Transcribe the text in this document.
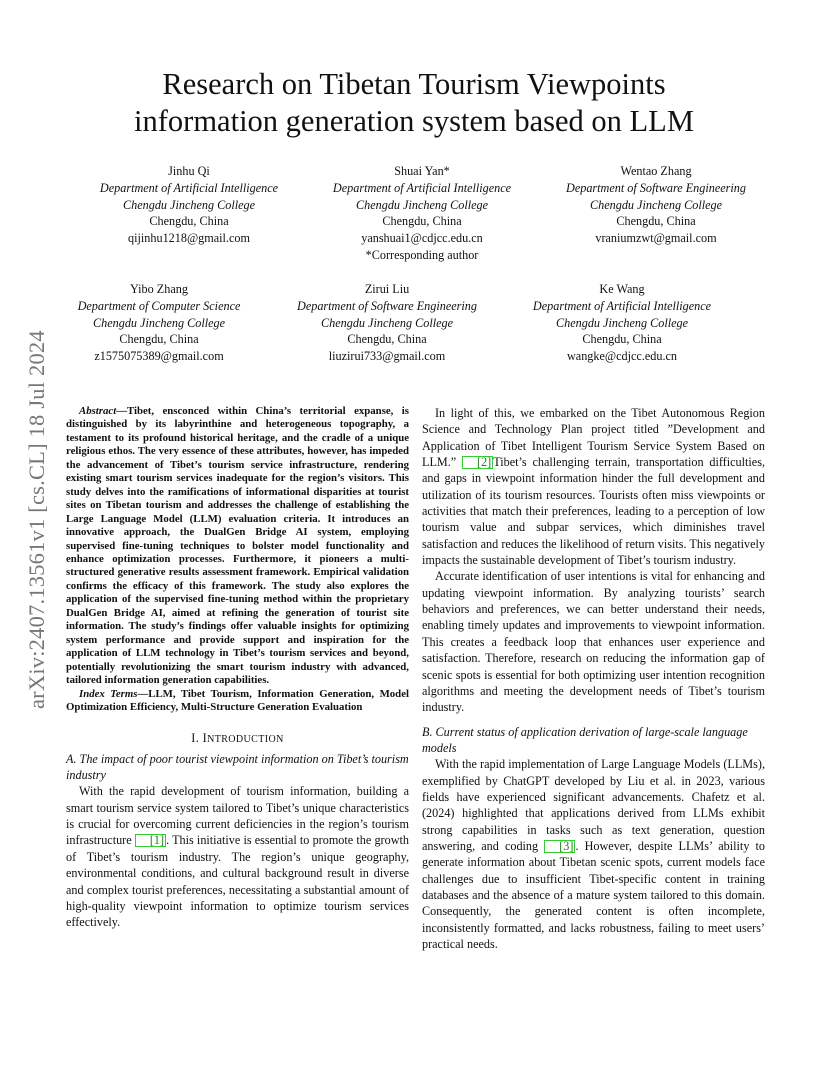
arXiv:2407.13561v1 [cs.CL] 18 Jul 2024
Research on Tibetan Tourism Viewpoints
information generation system based on LLM
Jinhu Qi
Department of Artificial Intelligence
Chengdu Jincheng College
Chengdu, China
qijinhu1218@gmail.com
Shuai Yan*
Department of Artificial Intelligence
Chengdu Jincheng College
Chengdu, China
yanshuai1@cdjcc.edu.cn
*Corresponding author
Wentao Zhang
Department of Software Engineering
Chengdu Jincheng College
Chengdu, China
vraniumzwt@gmail.com
Yibo Zhang
Department of Computer Science
Chengdu Jincheng College
Chengdu, China
z1575075389@gmail.com
Zirui Liu
Department of Software Engineering
Chengdu Jincheng College
Chengdu, China
liuzirui733@gmail.com
Ke Wang
Department of Artificial Intelligence
Chengdu Jincheng College
Chengdu, China
wangke@cdjcc.edu.cn

Abstract—Tibet, ensconced within China’s territorial expanse, is distinguished by its labyrinthine and heterogeneous topography, a testament to its profound historical heritage, and the cradle of a unique religious ethos. The very essence of these attributes, however, has impeded the advancement of Tibet’s tourism service infrastructure, rendering existing smart tourism services inadequate for the region’s visitors. This study delves into the ramifications of informational disparities at tourist sites on Tibetan tourism and addresses the challenge of establishing the Large Language Model (LLM) evaluation criteria. It introduces an innovative approach, the DualGen Bridge AI system, employing supervised fine-tuning techniques to bolster model functionality and enhance optimization processes. Furthermore, it pioneers a multi-structured generative results assessment framework. Empirical validation confirms the efficacy of this framework. The study also explores the application of the supervised fine-tuning method within the proprietary DualGen Bridge AI, aimed at refining the generation of tourist site information. The study’s findings offer valuable insights for optimizing system performance and provide support and inspiration for the application of LLM technology in Tibet’s tourism services and beyond, potentially revolutionizing the smart tourism industry with advanced, tailored information generation capabilities.

Index Terms—LLM, Tibet Tourism, Information Generation, Model Optimization Efficiency, Multi-Structure Generation Evaluation

I. INTRODUCTION

A. The impact of poor tourist viewpoint information on Tibet’s tourism industry

With the rapid development of tourism information, building a smart tourism service system tailored to Tibet’s unique characteristics is crucial for overcoming current deficiencies in the region’s tourism infrastructure [1] . This initiative is essential to promote the growth of Tibet’s tourism industry. The region’s unique geography, environmental conditions, and cultural background result in diverse and complex tourist preferences, necessitating a substantial amount of high-quality viewpoint information to optimize tourism services effectively.

In light of this, we embarked on the Tibet Autonomous Region Science and Technology Plan project titled ”Development and Application of Tibet Intelligent Tourism Service System Based on LLM.” [2] Tibet’s challenging terrain, transportation difficulties, and gaps in viewpoint information hinder the full development and utilization of its tourism resources. Tourists often miss viewpoints or activities that match their preferences, leading to a perception of low tourism value and subpar services, which diminishes travel satisfaction and reduces the likelihood of return visits. This negatively impacts the sustainable development of Tibet’s tourism industry.

Accurate identification of user intentions is vital for enhancing and updating viewpoint information. By analyzing tourists’ search behaviors and preferences, we can better understand their needs, enabling timely updates and improvements to viewpoint information. This creates a feedback loop that enhances user experience and satisfaction. Therefore, research on reducing the information gap of scenic spots is essential for both optimizing user intention recognition algorithms and meeting the development needs of Tibet’s tourism industry.

B. Current status of application derivation of large-scale language models

With the rapid implementation of Large Language Models (LLMs), exemplified by ChatGPT developed by Liu et al. in 2023, various fields have experienced significant advancements. Chafetz et al. (2024) highlighted that applications derived from LLMs exhibit strong capabilities in tasks such as text generation, question answering, and coding [3] . However, despite LLMs’ ability to generate information about Tibetan scenic spots, current models face challenges due to insufficient Tibet-specific content in training databases and the absence of a mature system tailored to this domain. Consequently, the generated content is often incomplete, inconsistently formatted, and lacks robustness, failing to meet users’ practical needs.
